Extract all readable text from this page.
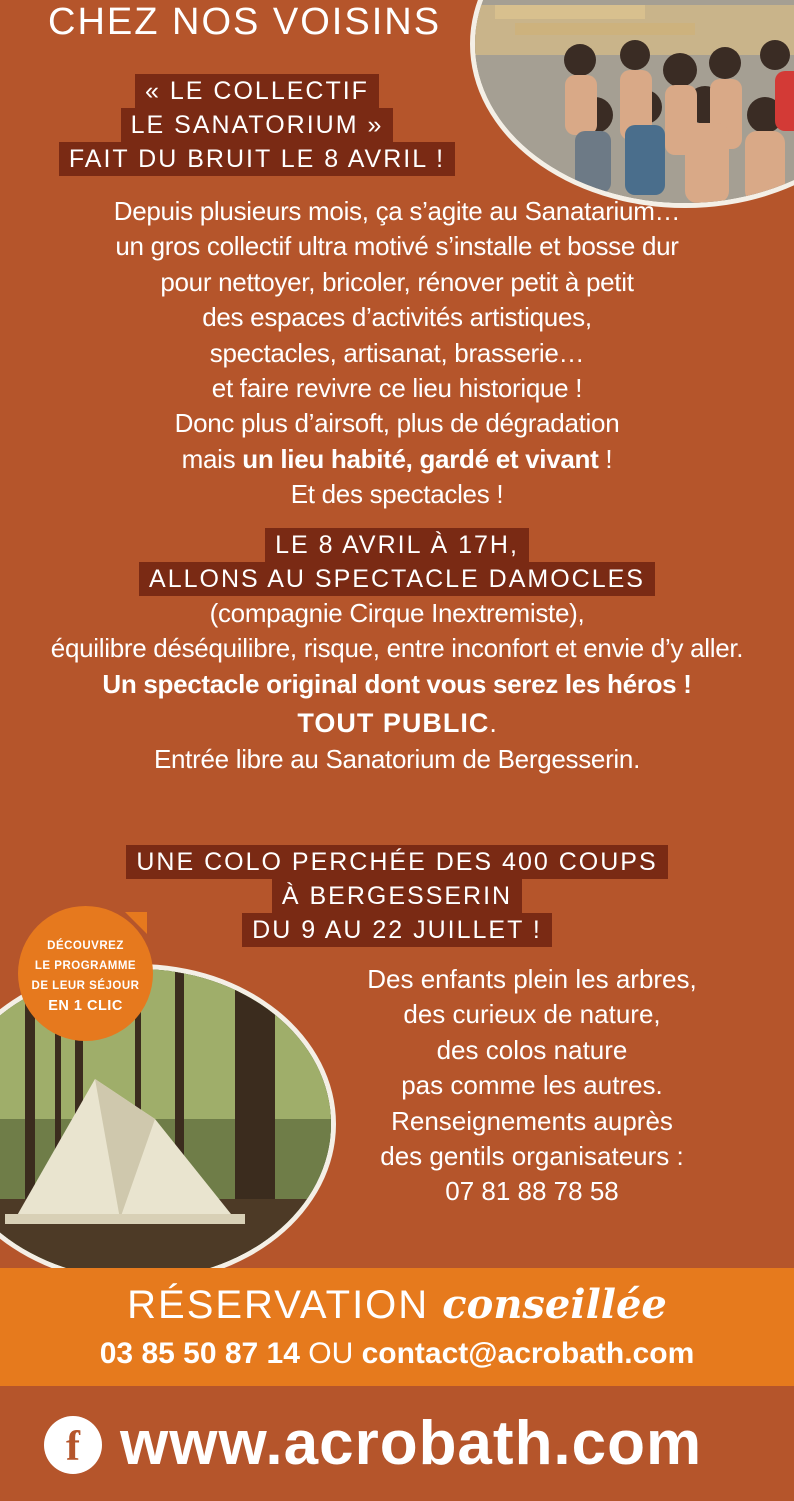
CHEZ NOS VOISINS
« LE COLLECTIF
LE SANATORIUM »
FAIT DU BRUIT LE 8 AVRIL !
Depuis plusieurs mois, ça s’agite au Sanatarium…
un gros collectif ultra motivé s’installe et bosse dur
pour nettoyer, bricoler, rénover petit à petit
des espaces d’activités artistiques,
spectacles, artisanat, brasserie…
et faire revivre ce lieu historique !
Donc plus d’airsoft, plus de dégradation
mais un lieu habité, gardé et vivant !
Et des spectacles !
LE 8 AVRIL À 17H,
ALLONS AU SPECTACLE DAMOCLES
(compagnie Cirque Inextremiste),
équilibre déséquilibre, risque, entre inconfort et envie d’y aller.
Un spectacle original dont vous serez les héros !
TOUT PUBLIC.
Entrée libre au Sanatorium de Bergesserin.
UNE COLO PERCHÉE DES 400 COUPS
À BERGESSERIN
DU 9 AU 22 JUILLET !
DÉCOUVREZ
LE PROGRAMME
DE LEUR SÉJOUR
EN 1 CLIC
Des enfants plein les arbres,
des curieux de nature,
des colos nature
pas comme les autres.
Renseignements auprès
des gentils organisateurs :
07 81 88 78 58
RÉSERVATION conseillée
03 85 50 87 14 OU contact@acrobath.com
f www.acrobath.com
